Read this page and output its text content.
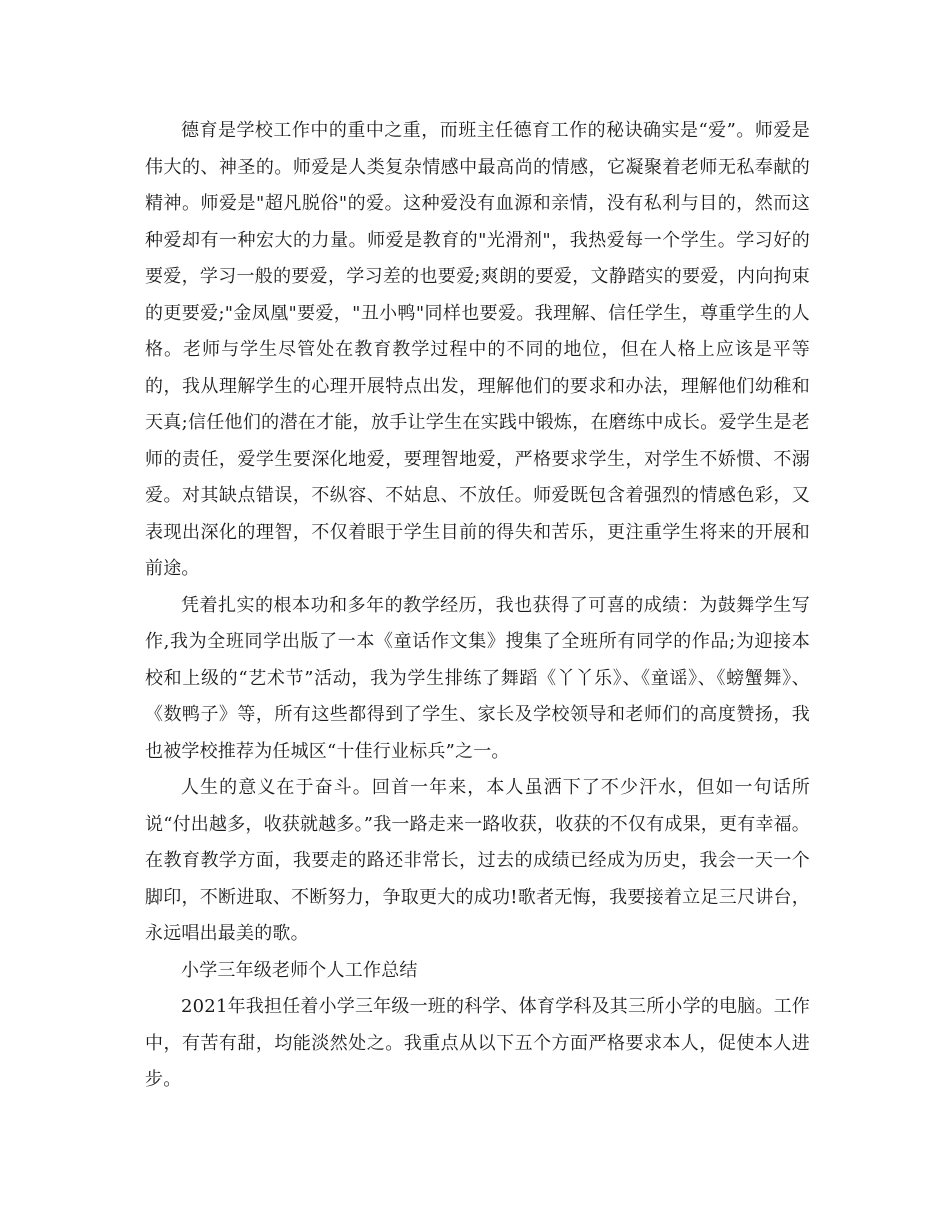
德育是学校工作中的重中之重，而班主任德育工作的秘诀确实是“爱”。师爱是伟大的、神圣的。师爱是人类复杂情感中最高尚的情感，它凝聚着老师无私奉献的精神。师爱是"超凡脱俗"的爱。这种爱没有血源和亲情，没有私利与目的，然而这种爱却有一种宏大的力量。师爱是教育的"光滑剂"，我热爱每一个学生。学习好的要爱，学习一般的要爱，学习差的也要爱;爽朗的要爱，文静踏实的要爱，内向拘束的更要爱;"金凤凰"要爱，"丑小鸭"同样也要爱。我理解、信任学生，尊重学生的人格。老师与学生尽管处在教育教学过程中的不同的地位，但在人格上应该是平等的，我从理解学生的心理开展特点出发，理解他们的要求和办法，理解他们幼稚和天真;信任他们的潜在才能，放手让学生在实践中锻炼，在磨练中成长。爱学生是老师的责任，爱学生要深化地爱，要理智地爱，严格要求学生，对学生不娇惯、不溺爱。对其缺点错误，不纵容、不姑息、不放任。师爱既包含着强烈的情感色彩，又表现出深化的理智，不仅着眼于学生目前的得失和苦乐，更注重学生将来的开展和前途。

凭着扎实的根本功和多年的教学经历，我也获得了可喜的成绩：为鼓舞学生写作,我为全班同学出版了一本《童话作文集》搜集了全班所有同学的作品;为迎接本校和上级的“艺术节”活动，我为学生排练了舞蹈《丫丫乐》、《童谣》、《螃蟹舞》、《数鸭子》等，所有这些都得到了学生、家长及学校领导和老师们的高度赞扬，我也被学校推荐为任城区“十佳行业标兵”之一。

人生的意义在于奋斗。回首一年来，本人虽洒下了不少汗水，但如一句话所说“付出越多，收获就越多。”我一路走来一路收获，收获的不仅有成果，更有幸福。在教育教学方面，我要走的路还非常长，过去的成绩已经成为历史，我会一天一个脚印，不断进取、不断努力，争取更大的成功!歌者无悔，我要接着立足三尺讲台，永远唱出最美的歌。

小学三年级老师个人工作总结

2021年我担任着小学三年级一班的科学、体育学科及其三所小学的电脑。工作中，有苦有甜，均能淡然处之。我重点从以下五个方面严格要求本人，促使本人进步。
